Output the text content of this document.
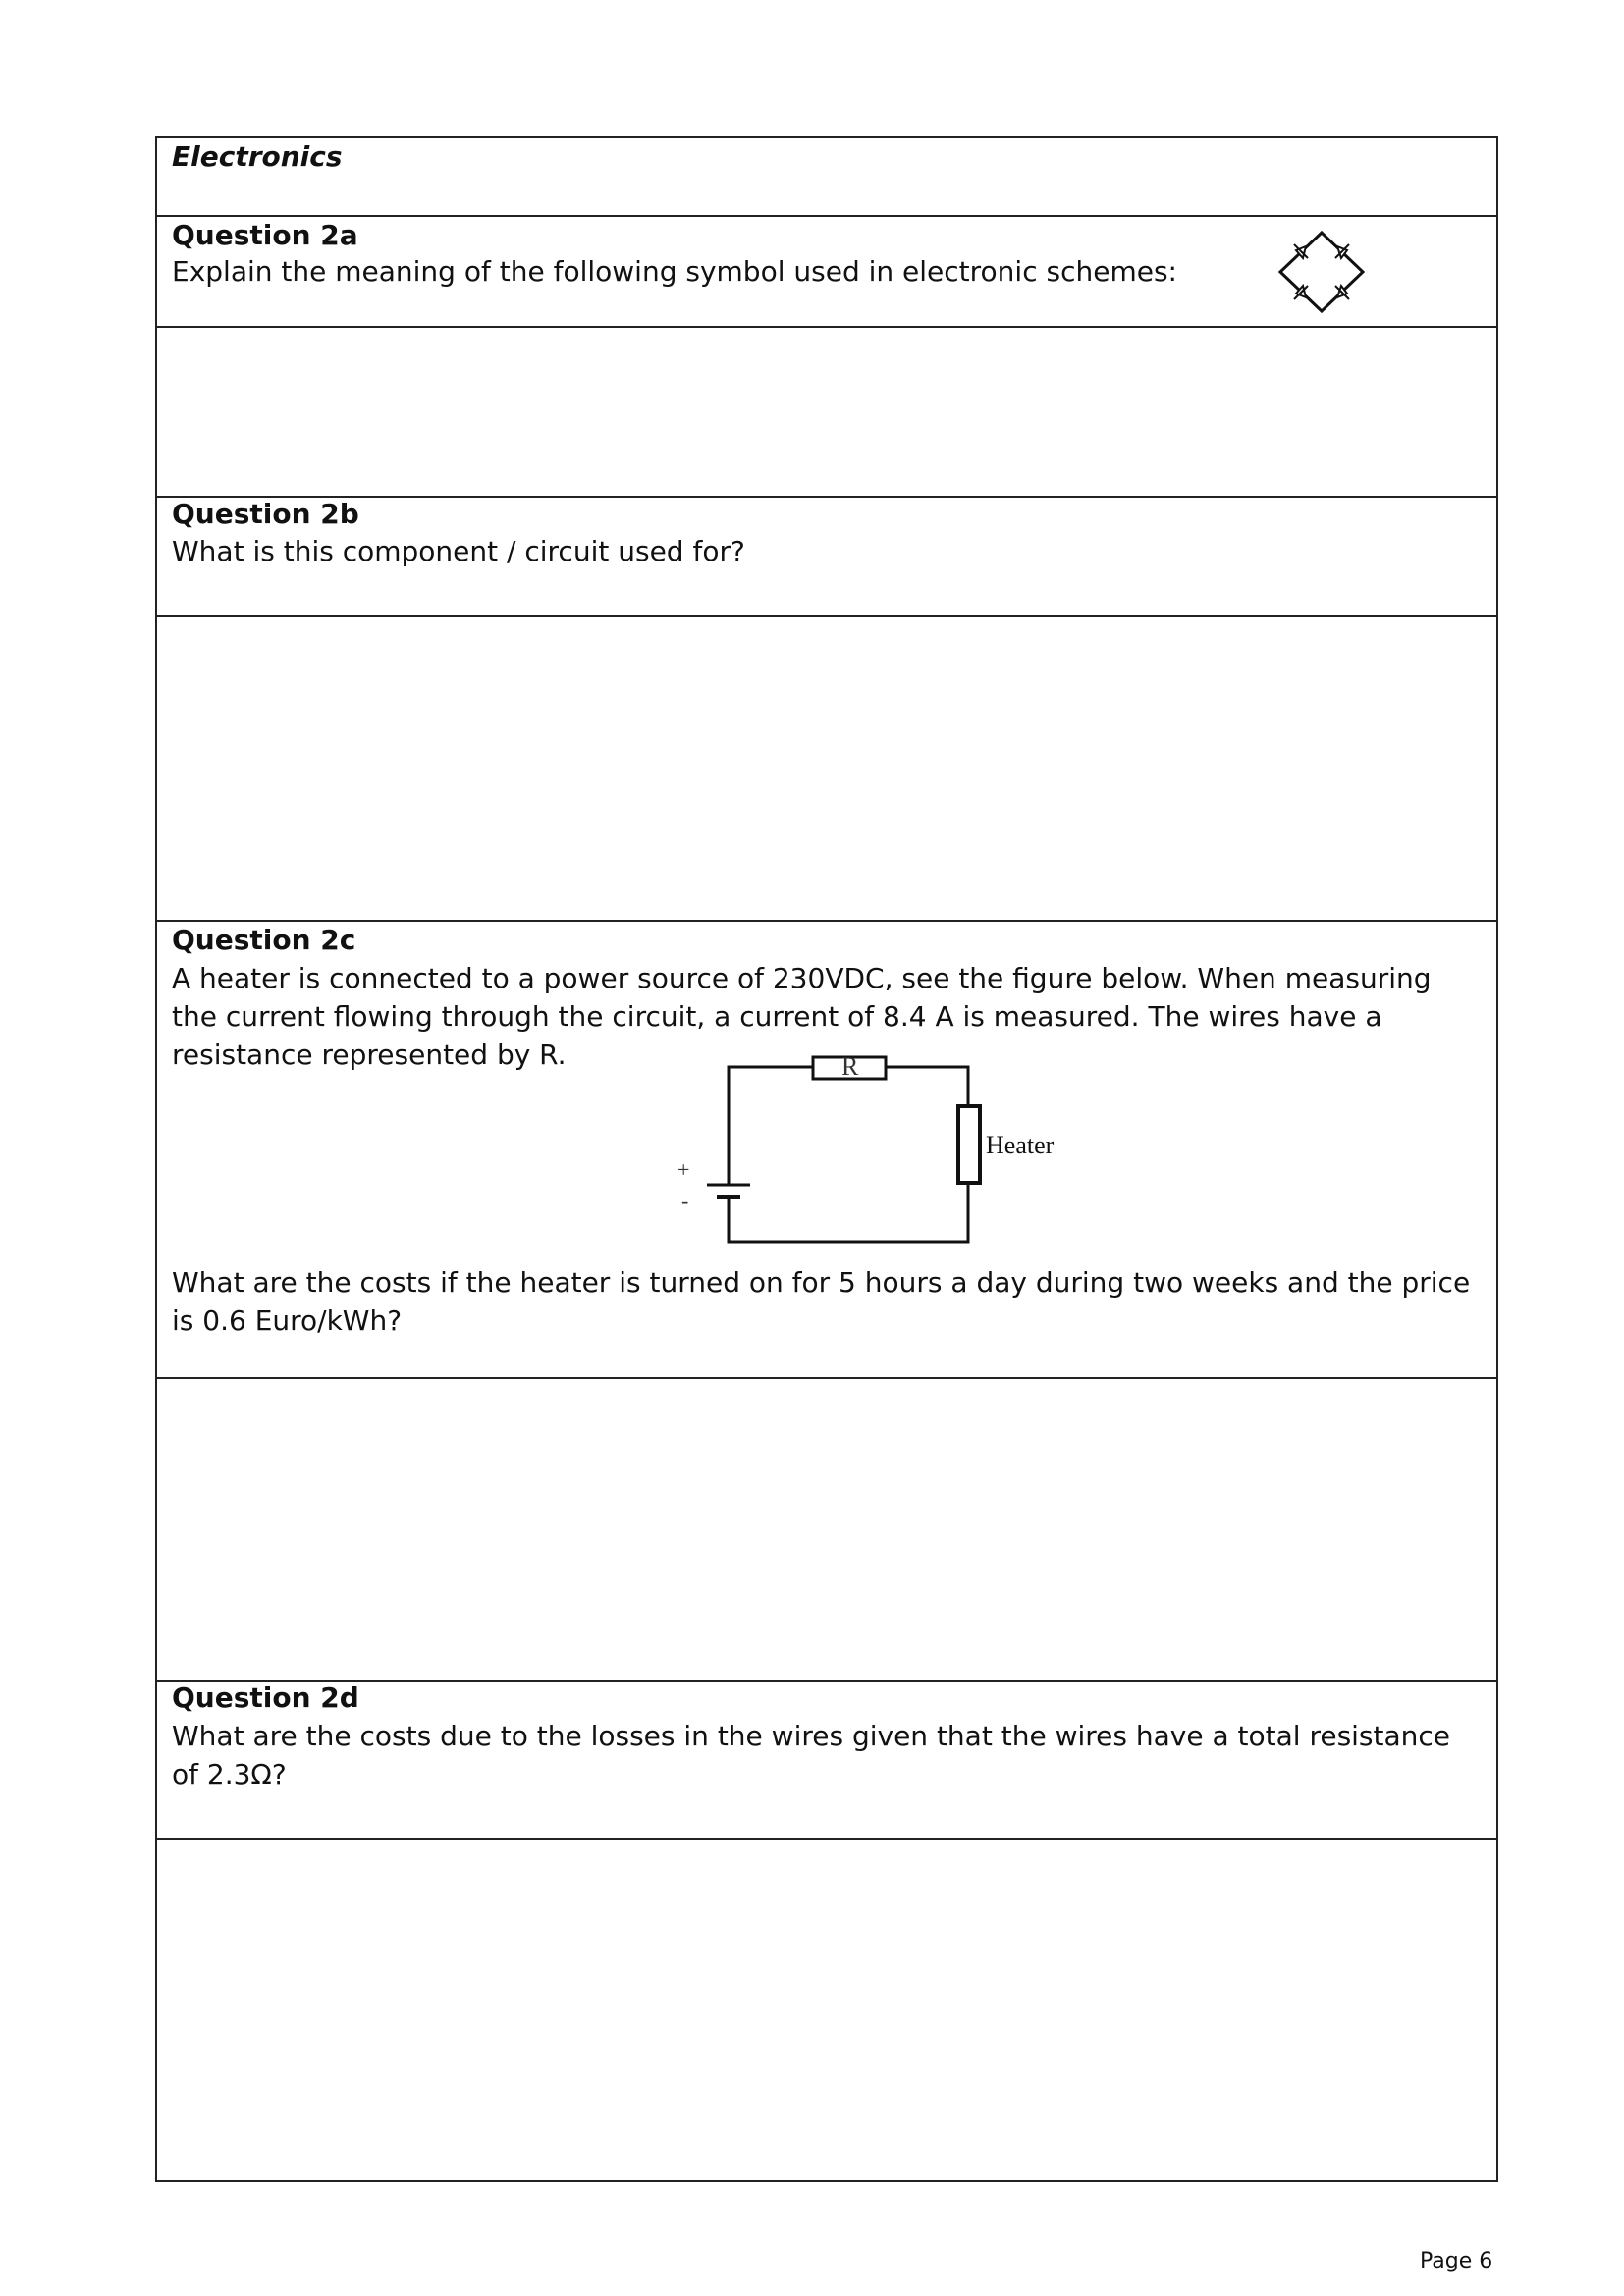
Electronics
Question 2a
Explain the meaning of the following symbol used in electronic schemes:
Question 2b
What is this component / circuit used for?
Question 2c
A heater is connected to a power source of 230VDC, see the figure below. When measuring
the current flowing through the circuit, a current of 8.4 A is measured. The wires have a
resistance represented by R.	R
Heater
+
-
What are the costs if the heater is turned on for 5 hours a day during two weeks and the price
is 0.6 Euro/kWh?
Question 2d
What are the costs due to the losses in the wires given that the wires have a total resistance
of 2.3Ω?
Page 6
